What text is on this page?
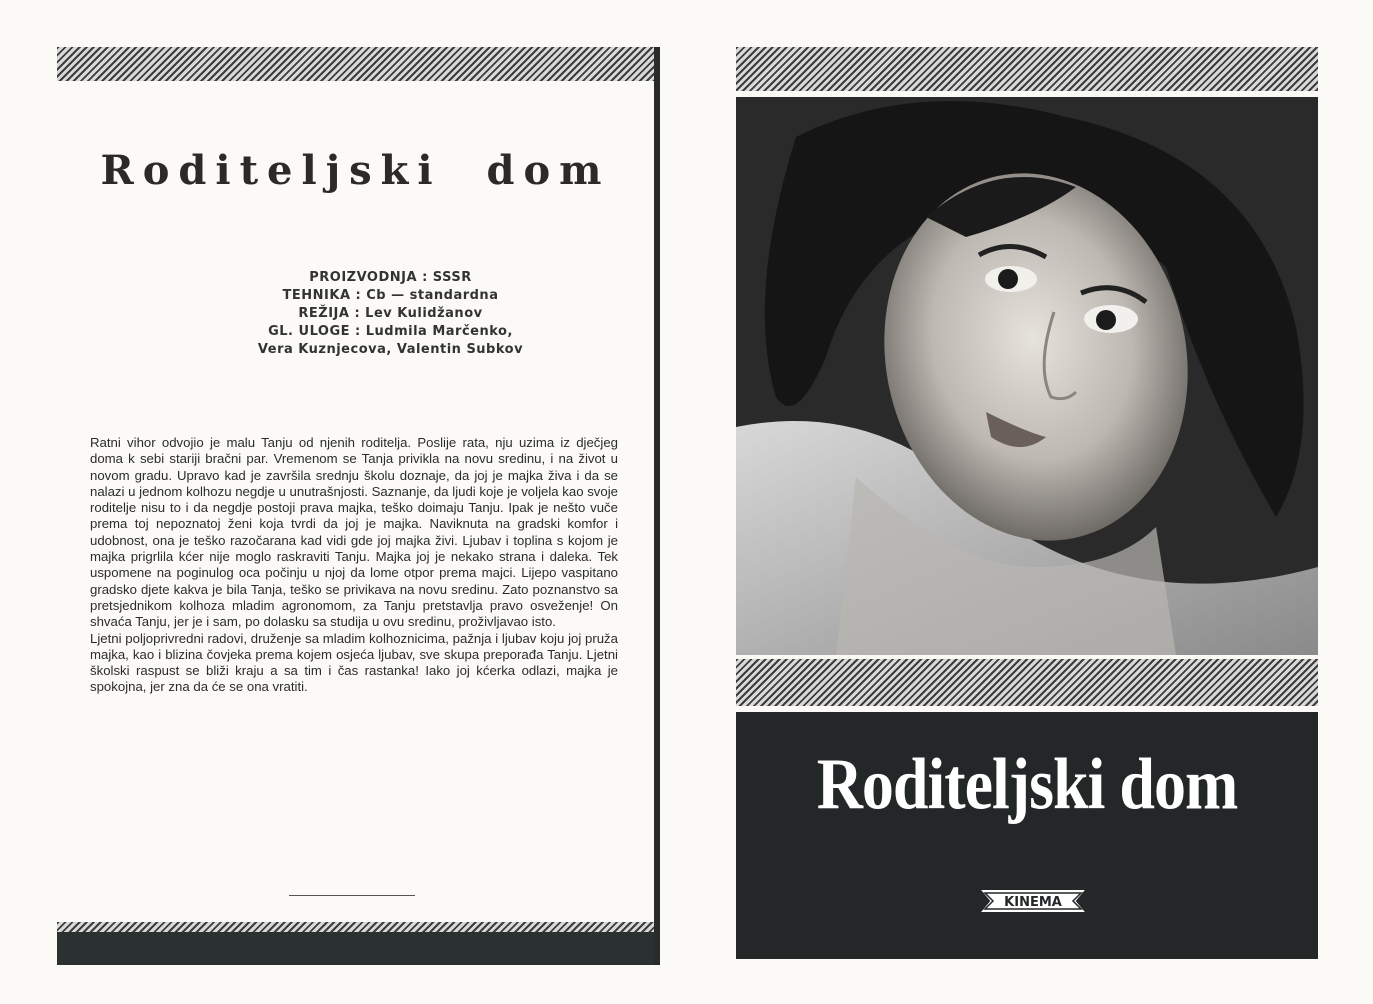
Roditeljski dom
PROIZVODNJA : SSSR
TEHNIKA : Cb — standardna
REŽIJA : Lev Kulidžanov
GL. ULOGE : Ludmila Marčenko,
Vera Kuznjecova, Valentin Subkov

Ratni vihor odvojio je malu Tanju od njenih roditelja. Poslije rata, nju uzima iz dječjeg doma k sebi stariji bračni par. Vremenom se Tanja privikla na novu sredinu, i na život u novom gradu. Upravo kad je završila srednju školu doznaje, da joj je majka živa i da se nalazi u jednom kolhozu negdje u unutrašnjosti. Saznanje, da ljudi koje je voljela kao svoje roditelje nisu to i da negdje postoji prava majka, teško doimaju Tanju. Ipak je nešto vuče prema toj nepoznatoj ženi koja tvrdi da joj je majka. Naviknuta na gradski komfor i udobnost, ona je teško razočarana kad vidi gde joj majka živi. Ljubav i toplina s kojom je majka prigrlila kćer nije moglo raskraviti Tanju. Majka joj je nekako strana i daleka. Tek uspomene na poginulog oca počinju u njoj da lome otpor prema majci. Lijepo vaspitano gradsko djete kakva je bila Tanja, teško se privikava na novu sredinu. Zato poznanstvo sa pretsjednikom kolhoza mladim agronomom, za Tanju pretstavlja pravo osveženje! On shvaća Tanju, jer je i sam, po dolasku sa studija u ovu sredinu, proživljavao isto.

Ljetni poljoprivredni radovi, druženje sa mladim kolhoznicima, pažnja i ljubav koju joj pruža majka, kao i blizina čovjeka prema kojem osjeća ljubav, sve skupa preporađa Tanju. Ljetni školski raspust se bliži kraju a sa tim i čas rastanka! Iako joj kćerka odlazi, majka je spokojna, jer zna da će se ona vratiti.

Roditeljski dom
KINEMA
